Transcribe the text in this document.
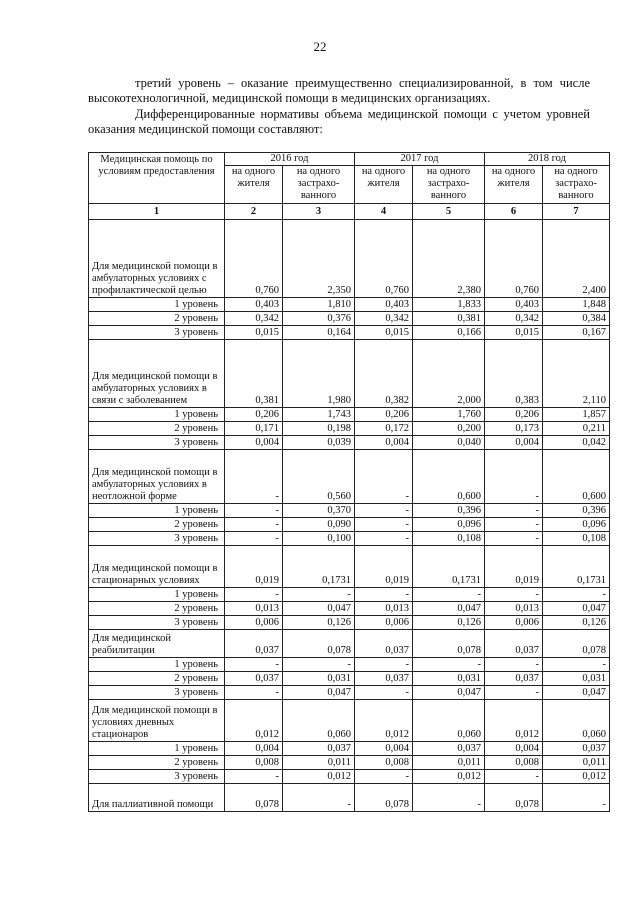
22
третий уровень – оказание преимущественно специализированной, в том числе высокотехнологичной, медицинской помощи в медицинских организациях.
Дифференцированные нормативы объема медицинской помощи с учетом уровней оказания медицинской помощи составляют:
Медицинская помощь по условиям предоставления	2016 год		2017 год		2018 год	
	на одного жителя	на одного застрахо- ванного	на одного жителя	на одного застрахо- ванного	на одного жителя	на одного застрахо- ванного
1	2	3	4	5	6	7
Для медицинской помощи в амбулаторных условиях с профилактической целью	0,760	2,350	0,760	2,380	0,760	2,400
1 уровень	0,403	1,810	0,403	1,833	0,403	1,848
2 уровень	0,342	0,376	0,342	0,381	0,342	0,384
3 уровень	0,015	0,164	0,015	0,166	0,015	0,167
Для медицинской помощи в амбулаторных условиях в связи с заболеванием	0,381	1,980	0,382	2,000	0,383	2,110
1 уровень	0,206	1,743	0,206	1,760	0,206	1,857
2 уровень	0,171	0,198	0,172	0,200	0,173	0,211
3 уровень	0,004	0,039	0,004	0,040	0,004	0,042
Для медицинской помощи в амбулаторных условиях в неотложной форме	-	0,560	-	0,600	-	0,600
1 уровень	-	0,370	-	0,396	-	0,396
2 уровень	-	0,090	-	0,096	-	0,096
3 уровень	-	0,100	-	0,108	-	0,108
Для медицинской помощи в стационарных условиях	0,019	0,1731	0,019	0,1731	0,019	0,1731
1 уровень	-	-	-	-	-	-
2 уровень	0,013	0,047	0,013	0,047	0,013	0,047
3 уровень	0,006	0,126	0,006	0,126	0,006	0,126
Для медицинской реабилитации	0,037	0,078	0,037	0,078	0,037	0,078
1 уровень	-	-	-	-	-	-
2 уровень	0,037	0,031	0,037	0,031	0,037	0,031
3 уровень	-	0,047	-	0,047	-	0,047
Для медицинской помощи в условиях дневных стационаров	0,012	0,060	0,012	0,060	0,012	0,060
1 уровень	0,004	0,037	0,004	0,037	0,004	0,037
2 уровень	0,008	0,011	0,008	0,011	0,008	0,011
3 уровень	-	0,012	-	0,012	-	0,012
Для паллиативной помощи	0,078	-	0,078	-	0,078	-
